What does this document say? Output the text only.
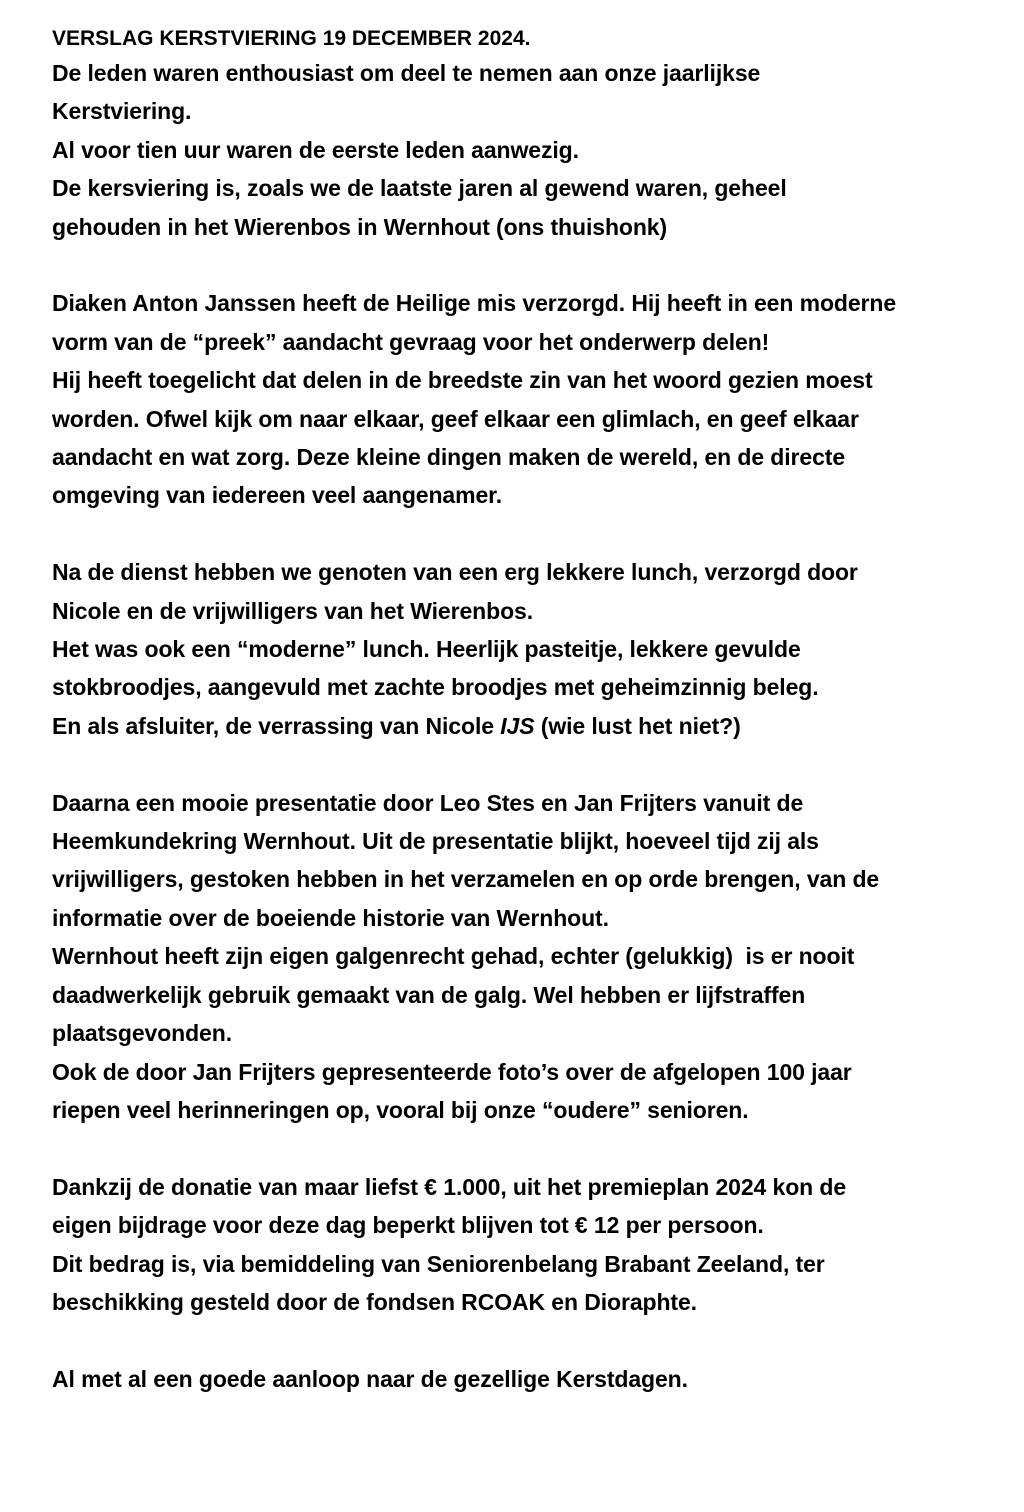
VERSLAG KERSTVIERING 19 DECEMBER 2024.
De leden waren enthousiast om deel te nemen aan onze jaarlijkse
Kerstviering.
Al voor tien uur waren de eerste leden aanwezig.
De kersviering is, zoals we de laatste jaren al gewend waren, geheel
gehouden in het Wierenbos in Wernhout (ons thuishonk)
Diaken Anton Janssen heeft de Heilige mis verzorgd. Hij heeft in een moderne
vorm van de “preek” aandacht gevraag voor het onderwerp delen!
Hij heeft toegelicht dat delen in de breedste zin van het woord gezien moest
worden. Ofwel kijk om naar elkaar, geef elkaar een glimlach, en geef elkaar
aandacht en wat zorg. Deze kleine dingen maken de wereld, en de directe
omgeving van iedereen veel aangenamer.
Na de dienst hebben we genoten van een erg lekkere lunch, verzorgd door
Nicole en de vrijwilligers van het Wierenbos.
Het was ook een “moderne” lunch. Heerlijk pasteitje, lekkere gevulde
stokbroodjes, aangevuld met zachte broodjes met geheimzinnig beleg.
En als afsluiter, de verrassing van Nicole IJS (wie lust het niet?)
Daarna een mooie presentatie door Leo Stes en Jan Frijters vanuit de
Heemkundekring Wernhout. Uit de presentatie blijkt, hoeveel tijd zij als
vrijwilligers, gestoken hebben in het verzamelen en op orde brengen, van de
informatie over de boeiende historie van Wernhout.
Wernhout heeft zijn eigen galgenrecht gehad, echter (gelukkig)  is er nooit
daadwerkelijk gebruik gemaakt van de galg. Wel hebben er lijfstraffen
plaatsgevonden.
Ook de door Jan Frijters gepresenteerde foto’s over de afgelopen 100 jaar
riepen veel herinneringen op, vooral bij onze “oudere” senioren.
Dankzij de donatie van maar liefst € 1.000, uit het premieplan 2024 kon de
eigen bijdrage voor deze dag beperkt blijven tot € 12 per persoon.
Dit bedrag is, via bemiddeling van Seniorenbelang Brabant Zeeland, ter
beschikking gesteld door de fondsen RCOAK en Dioraphte.
Al met al een goede aanloop naar de gezellige Kerstdagen.
